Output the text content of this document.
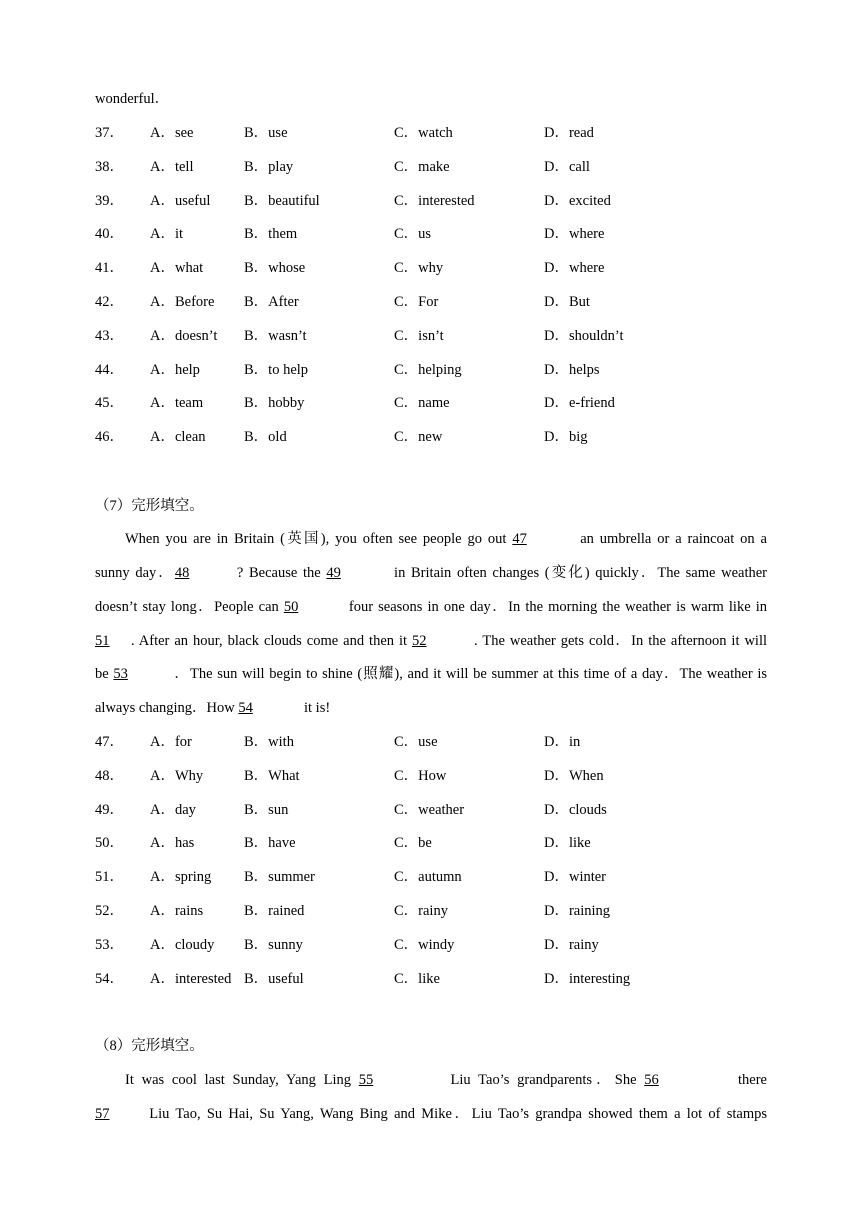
wonderful．
37． A．see	B．use	C．watch	D．read
38． A．tell	B．play	C．make	D．call
39． A．useful B．beautiful	C．interested	D．excited
40． A．it	B．them	C．us	D．where
41． A．what	B．whose	C．why	D．where
42． A．Before B．After	C．For	D．But
43． A．doesn’t B．wasn’t	C．isn’t	D．shouldn’t
44． A．help	B．to help	C．helping	D．helps
45． A．team	B．hobby	C．name	D．e-friend
46． A．clean	B．old	C．new	D．big
（7）完形填空。
When you are in Britain (英国), you often see people go out 47	an umbrella or a raincoat on a
sunny day．48	? Because the 49	in Britain often changes (变化) quickly．The same weather
doesn’t stay long．People can 50	four seasons in one day．In the morning the weather is warm like in
51 . After an hour, black clouds come and then it 52	. The weather gets cold．In the afternoon it will
be 53	．The sun will begin to shine (照耀), and it will be summer at this time of a day．The weather is
always changing．How 54	it is!
47． A．for	B．with	C．use	D．in
48． A．Why	B．What	C．How	D．When
49． A．day	B．sun	C．weather	D．clouds
50． A．has	B．have	C．be	D．like
51． A．spring B．summer	C．autumn	D．winter
52． A．rains	B．rained	C．rainy	D．raining
53． A．cloudy B．sunny	C．windy	D．rainy
54． A．interested B．useful	C．like	D．interesting
（8）完形填空。
It was cool last Sunday, Yang Ling 55	Liu Tao’s grandparents．She 56	there
57 Liu Tao, Su Hai, Su Yang, Wang Bing and Mike．Liu Tao’s grandpa showed them a lot of stamps
